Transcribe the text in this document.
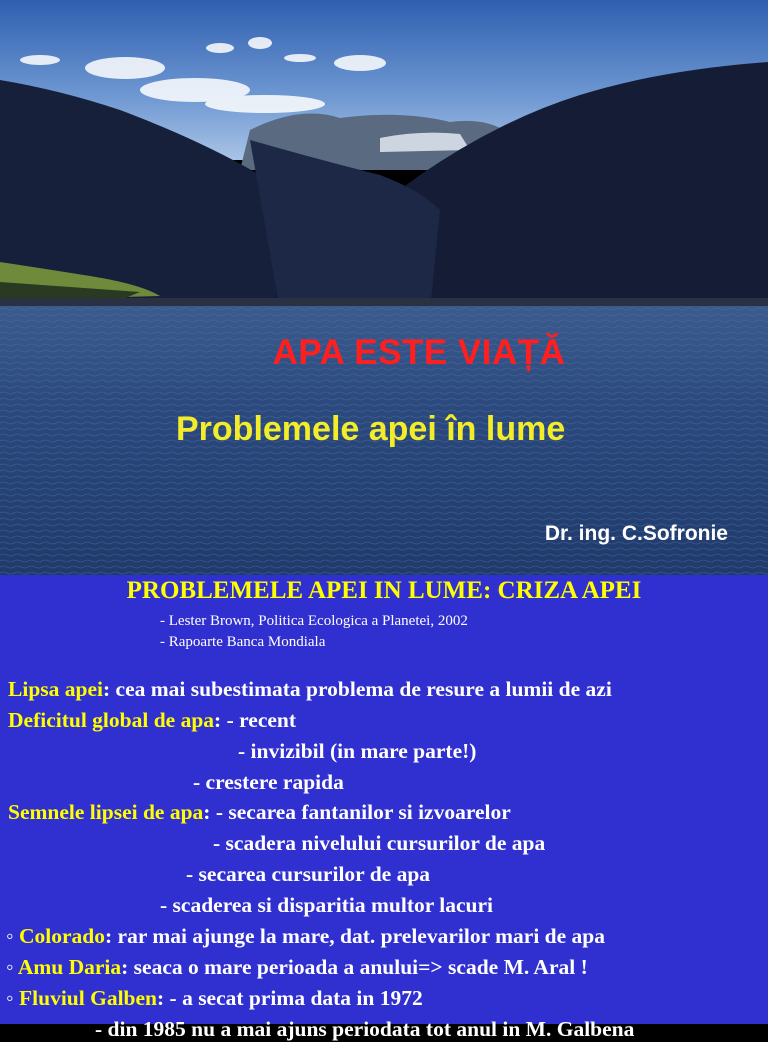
APA ESTE VIAȚĂ
Problemele apei în lume
Dr. ing. C.Sofronie
PROBLEMELE APEI IN LUME: CRIZA APEI
- Lester Brown, Politica Ecologica a Planetei, 2002
- Rapoarte Banca Mondiala
Lipsa apei: cea mai subestimata problema de resure a lumii de azi
Deficitul global de apa: - recent
- invizibil (in mare parte!)
- crestere rapida
Semnele lipsei de apa: - secarea fantanilor si izvoarelor
- scadera nivelului cursurilor de apa
- secarea cursurilor de apa
- scaderea si disparitia multor lacuri
◦ Colorado: rar mai ajunge la mare, dat. prelevarilor mari de apa
◦ Amu Daria: seaca o mare perioada a anului=> scade M. Aral !
◦ Fluviul Galben: - a secat prima data in 1972
- din 1985 nu a mai ajuns periodata tot anul in M. Galbena
